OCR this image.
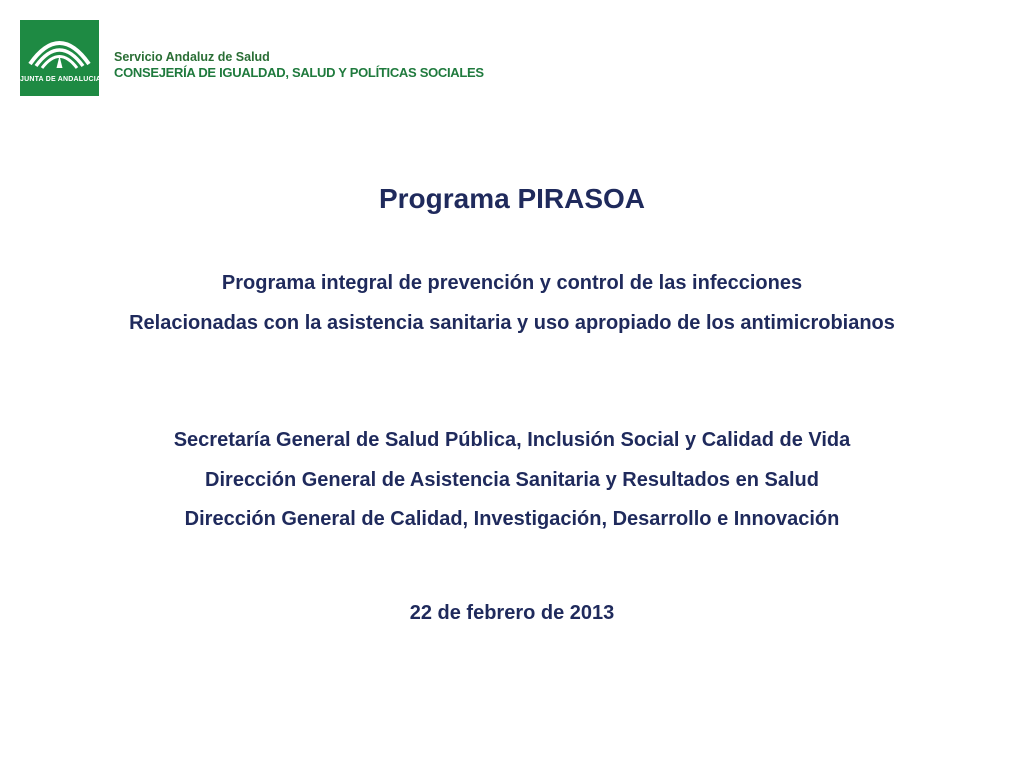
JUNTA DE ANDALUCIA
Servicio Andaluz de Salud
CONSEJERÍA DE IGUALDAD, SALUD Y POLÍTICAS SOCIALES
Programa PIRASOA
Programa integral de prevención y control de las infecciones
Relacionadas con la asistencia sanitaria y uso apropiado de los antimicrobianos
Secretaría General de Salud Pública, Inclusión Social y Calidad de Vida
Dirección General de Asistencia Sanitaria y Resultados en Salud
Dirección General de Calidad, Investigación, Desarrollo e Innovación
22 de febrero de 2013
